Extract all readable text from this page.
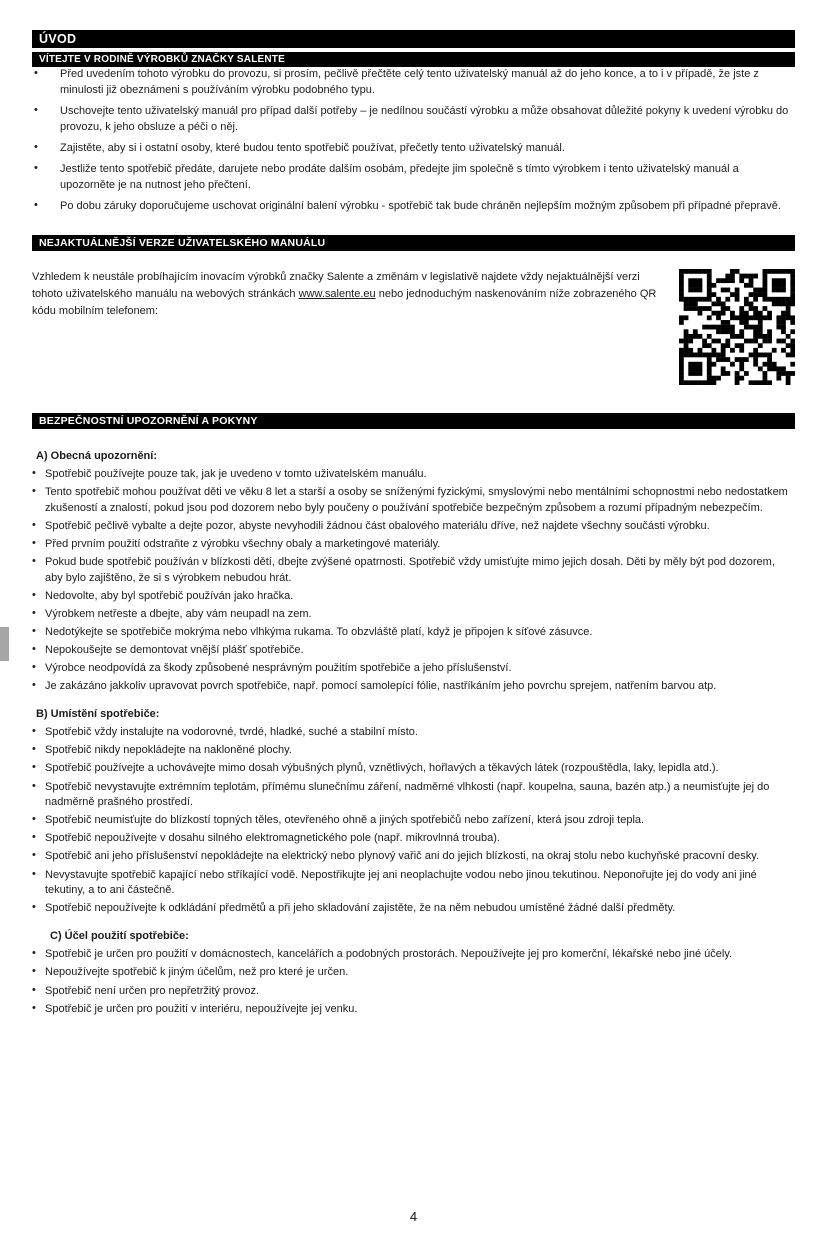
ÚVOD
VÍTEJTE V RODINĚ VÝROBKŮ ZNAČKY SALENTE
• Před uvedením tohoto výrobku do provozu, si prosím, pečlivě přečtěte celý tento uživatelský manuál až do jeho konce, a to i v případě, že jste z minulosti již obeznámeni s používáním výrobku podobného typu.
• Uschovejte tento uživatelský manuál pro případ další potřeby – je nedílnou součástí výrobku a může obsahovat důležité pokyny k uvedení výrobku do provozu, k jeho obsluze a péči o něj.
• Zajistěte, aby si i ostatní osoby, které budou tento spotřebič používat, přečetly tento uživatelský manuál.
• Jestliže tento spotřebič předáte, darujete nebo prodáte dalším osobám, předejte jim společně s tímto výrobkem i tento uživatelský manuál a upozorněte je na nutnost jeho přečtení.
• Po dobu záruky doporučujeme uschovat originální balení výrobku - spotřebič tak bude chráněn nejlepším možným způsobem při případné přepravě.
NEJAKTUÁLNĚJŠÍ VERZE UŽIVATELSKÉHO MANUÁLU
Vzhledem k neustále probíhajícím inovacím výrobků značky Salente a změnám v legislativě najdete vždy nejaktuálnější verzi tohoto uživatelského manuálu na webových stránkách www.salente.eu nebo jednoduchým naskenováním níže zobrazeného QR kódu mobilním telefonem:
BEZPEČNOSTNÍ UPOZORNĚNÍ A POKYNY
A) Obecná upozornění:
• Spotřebič používejte pouze tak, jak je uvedeno v tomto uživatelském manuálu.
• Tento spotřebič mohou používat děti ve věku 8 let a starší a osoby se sníženými fyzickými, smyslovými nebo mentálními schopnostmi nebo nedostatkem zkušeností a znalostí, pokud jsou pod dozorem nebo byly poučeny o používání spotřebiče bezpečným způsobem a rozumí případným nebezpečím.
• Spotřebič pečlivě vybalte a dejte pozor, abyste nevyhodili žádnou část obalového materiálu dříve, než najdete všechny součásti výrobku.
• Před prvním použití odstraňte z výrobku všechny obaly a marketingové materiály.
• Pokud bude spotřebič používán v blízkosti dětí, dbejte zvýšené opatrnosti. Spotřebič vždy umisťujte mimo jejich dosah. Děti by měly být pod dozorem, aby bylo zajištěno, že si s výrobkem nebudou hrát.
• Nedovolte, aby byl spotřebič používán jako hračka.
• Výrobkem netřeste a dbejte, aby vám neupadl na zem.
• Nedotýkejte se spotřebiče mokrýma nebo vlhkýma rukama. To obzvláště platí, když je připojen k síťové zásuvce.
• Nepokoušejte se demontovat vnější plášť spotřebiče.
• Výrobce neodpovídá za škody způsobené nesprávným použitím spotřebiče a jeho příslušenství.
• Je zakázáno jakkoliv upravovat povrch spotřebiče, např. pomocí samolepící fólie, nastříkáním jeho povrchu sprejem, natřením barvou atp.
B) Umístění spotřebiče:
• Spotřebič vždy instalujte na vodorovné, tvrdé, hladké, suché a stabilní místo.
• Spotřebič nikdy nepokládejte na nakloněné plochy.
• Spotřebič používejte a uchovávejte mimo dosah výbušných plynů, vznětlivých, hořlavých a těkavých látek (rozpouštědla, laky, lepidla atd.).
• Spotřebič nevystavujte extrémním teplotám, přímému slunečnímu záření, nadměrné vlhkosti (např. koupelna, sauna, bazén atp.) a neumisťujte jej do nadměrně prašného prostředí.
• Spotřebič neumisťujte do blízkostí topných těles, otevřeného ohně a jiných spotřebičů nebo zařízení, která jsou zdroji tepla.
• Spotřebič nepoužívejte v dosahu silného elektromagnetického pole (např. mikrovlnná trouba).
• Spotřebič ani jeho příslušenství nepokládejte na elektrický nebo plynový vařič ani do jejich blízkosti, na okraj stolu nebo kuchyňské pracovní desky.
• Nevystavujte spotřebič kapající nebo stříkající vodě. Nepostřikujte jej ani neoplachujte vodou nebo jinou tekutinou. Neponořujte jej do vody ani jiné tekutiny, a to ani částečně.
• Spotřebič nepoužívejte k odkládání předmětů a při jeho skladování zajistěte, že na něm nebudou umístěné žádné další předměty.
C) Účel použití spotřebiče:
• Spotřebič je určen pro použití v domácnostech, kancelářích a podobných prostorách. Nepoužívejte jej pro komerční, lékařské nebo jiné účely.
• Nepoužívejte spotřebič k jiným účelům, než pro které je určen.
• Spotřebič není určen pro nepřetržitý provoz.
• Spotřebič je určen pro použití v interiéru, nepoužívejte jej venku.
4
